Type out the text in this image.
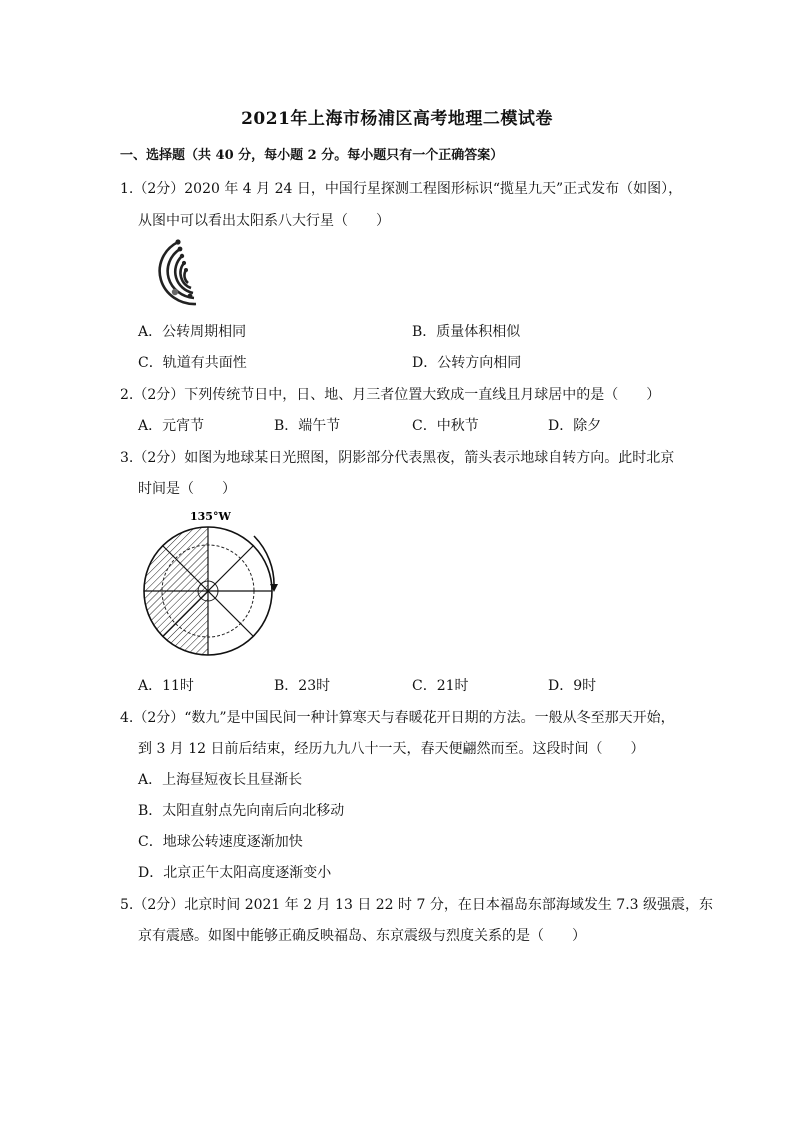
2021年上海市杨浦区高考地理二模试卷
一、选择题（共 40 分，每小题 2 分。每小题只有一个正确答案）
1.（2分）2020 年 4 月 24 日，中国行星探测工程图形标识“揽星九天”正式发布（如图），
从图中可以看出太阳系八大行星（　　）
A．公转周期相同	B．质量体积相似
C．轨道有共面性	D．公转方向相同
2.（2分）下列传统节日中，日、地、月三者位置大致成一直线且月球居中的是（　　）
A．元宵节	B．端午节	C．中秋节	D．除夕
3.（2分）如图为地球某日光照图，阴影部分代表黑夜，箭头表示地球自转方向。此时北京
时间是（　　）
135°W
A．11时	B．23时	C．21时	D．9时
4.（2分）“数九”是中国民间一种计算寒天与春暖花开日期的方法。一般从冬至那天开始，
到 3 月 12 日前后结束，经历九九八十一天，春天便翩然而至。这段时间（　　）
A．上海昼短夜长且昼渐长
B．太阳直射点先向南后向北移动
C．地球公转速度逐渐加快
D．北京正午太阳高度逐渐变小
5.（2分）北京时间 2021 年 2 月 13 日 22 时 7 分，在日本福岛东部海域发生 7.3 级强震，东
京有震感。如图中能够正确反映福岛、东京震级与烈度关系的是（　　）
